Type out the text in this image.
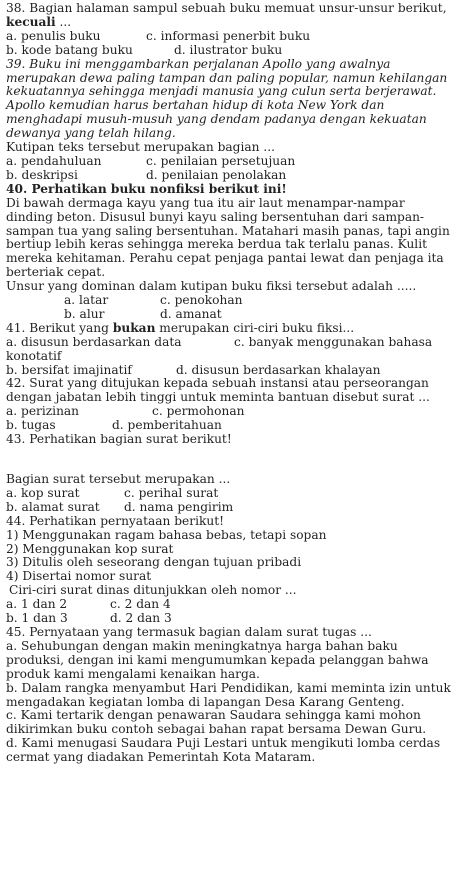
38. Bagian halaman sampul sebuah buku memuat unsur-unsur berikut, kecuali ...
a. penulis buku	c. informasi penerbit buku
b. kode batang buku	d. ilustrator buku
39. Buku ini menggambarkan perjalanan Apollo yang awalnya merupakan dewa paling tampan dan paling popular, namun kehilangan kekuatannya sehingga menjadi manusia yang culun serta berjerawat. Apollo kemudian harus bertahan hidup di kota New York dan menghadapi musuh-musuh yang dendam padanya dengan kekuatan dewanya yang telah hilang.
Kutipan teks tersebut merupakan bagian ...
a. pendahuluan	c. penilaian persetujuan
b. deskripsi	d. penilaian penolakan
40. Perhatikan buku nonfiksi berikut ini!
Di bawah dermaga kayu yang tua itu air laut menampar-nampar dinding beton. Disusul bunyi kayu saling bersentuhan dari sampan-sampan tua yang saling bersentuhan. Matahari masih panas, tapi angin bertiup lebih keras sehingga mereka berdua tak terlalu panas. Kulit mereka kehitaman. Perahu cepat penjaga pantai lewat dan penjaga ita berteriak cepat.
Unsur yang dominan dalam kutipan buku fiksi tersebut adalah .....
a. latar	c. penokohan
b. alur	d. amanat
41. Berikut yang bukan merupakan ciri-ciri buku fiksi...
a. disusun berdasarkan data	c. banyak menggunakan bahasa
konotatif
b. bersifat imajinatif	d. disusun berdasarkan khalayan
42. Surat yang ditujukan kepada sebuah instansi atau perseorangan dengan jabatan lebih tinggi untuk meminta bantuan disebut surat ...
a. perizinan	c. permohonan
b. tugas	d. pemberitahuan
43. Perhatikan bagian surat berikut!
Bagian surat tersebut merupakan ...
a. kop surat	c. perihal surat
b. alamat surat	d. nama pengirim
44. Perhatikan pernyataan berikut!
1) Menggunakan ragam bahasa bebas, tetapi sopan
2) Menggunakan kop surat
3) Ditulis oleh seseorang dengan tujuan pribadi
4) Disertai nomor surat
Ciri-ciri surat dinas ditunjukkan oleh nomor ...
a. 1 dan 2	c. 2 dan 4
b. 1 dan 3	d. 2 dan 3
45. Pernyataan yang termasuk bagian dalam surat tugas ...
a. Sehubungan dengan makin meningkatnya harga bahan baku produksi, dengan ini kami mengumumkan kepada pelanggan bahwa produk kami mengalami kenaikan harga.
b. Dalam rangka menyambut Hari Pendidikan, kami meminta izin untuk mengadakan kegiatan lomba di lapangan Desa Karang Genteng.
c. Kami tertarik dengan penawaran Saudara sehingga kami mohon dikirimkan buku contoh sebagai bahan rapat bersama Dewan Guru.
d. Kami menugasi Saudara Puji Lestari untuk mengikuti lomba cerdas cermat yang diadakan Pemerintah Kota Mataram.
